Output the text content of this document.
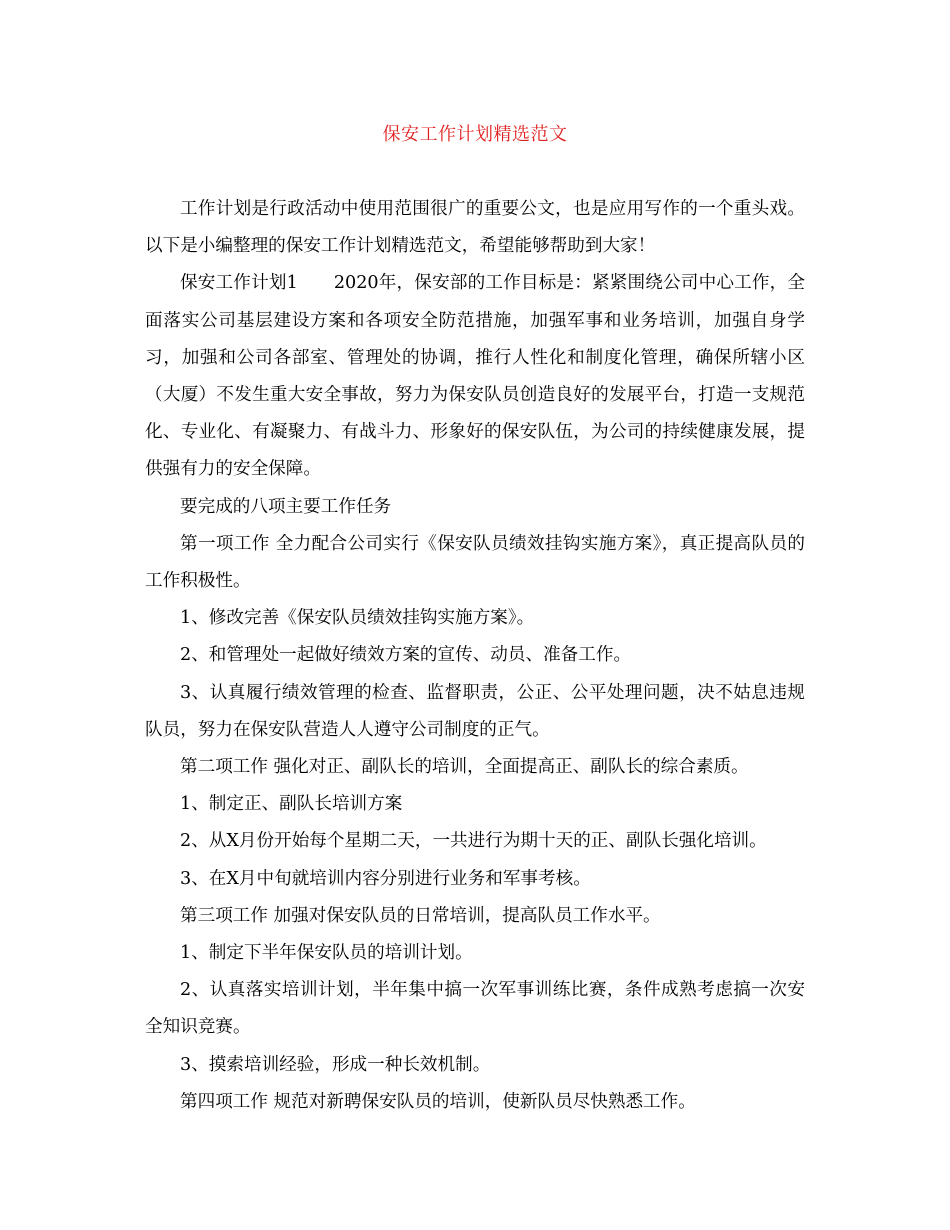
保安工作计划精选范文

工作计划是行政活动中使用范围很广的重要公文，也是应用写作的一个重头戏。以下是小编整理的保安工作计划精选范文，希望能够帮助到大家！

保安工作计划1 2020年，保安部的工作目标是：紧紧围绕公司中心工作，全面落实公司基层建设方案和各项安全防范措施，加强军事和业务培训，加强自身学习，加强和公司各部室、管理处的协调，推行人性化和制度化管理，确保所辖小区（大厦）不发生重大安全事故，努力为保安队员创造良好的发展平台，打造一支规范化、专业化、有凝聚力、有战斗力、形象好的保安队伍，为公司的持续健康发展，提供强有力的安全保障。

要完成的八项主要工作任务

第一项工作 全力配合公司实行《保安队员绩效挂钩实施方案》，真正提高队员的工作积极性。

1、修改完善《保安队员绩效挂钩实施方案》。

2、和管理处一起做好绩效方案的宣传、动员、准备工作。

3、认真履行绩效管理的检查、监督职责，公正、公平处理问题，决不姑息违规队员，努力在保安队营造人人遵守公司制度的正气。

第二项工作 强化对正、副队长的培训，全面提高正、副队长的综合素质。

1、制定正、副队长培训方案

2、从X月份开始每个星期二天，一共进行为期十天的正、副队长强化培训。

3、在X月中旬就培训内容分别进行业务和军事考核。

第三项工作 加强对保安队员的日常培训，提高队员工作水平。

1、制定下半年保安队员的培训计划。

2、认真落实培训计划，半年集中搞一次军事训练比赛，条件成熟考虑搞一次安全知识竞赛。

3、摸索培训经验，形成一种长效机制。

第四项工作 规范对新聘保安队员的培训，使新队员尽快熟悉工作。
